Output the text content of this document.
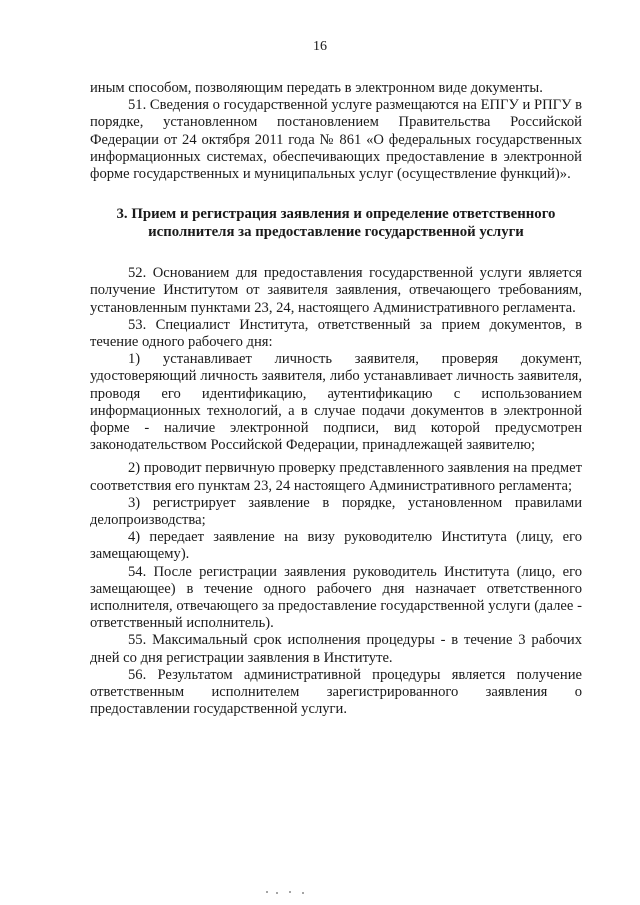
16

иным способом, позволяющим передать в электронном виде документы.

51. Сведения о государственной услуге размещаются на ЕПГУ и РПГУ в порядке, установленном постановлением Правительства Российской Федерации от 24 октября 2011 года № 861 «О федеральных государственных информационных системах, обеспечивающих предоставление в электронной форме государственных и муниципальных услуг (осуществление функций)».

3. Прием и регистрация заявления и определение ответственного исполнителя за предоставление государственной услуги

52. Основанием для предоставления государственной услуги является получение Институтом от заявителя заявления, отвечающего требованиям, установленным пунктами 23, 24, настоящего Административного регламента.

53. Специалист Института, ответственный за прием документов, в течение одного рабочего дня:

1) устанавливает личность заявителя, проверяя документ, удостоверяющий личность заявителя, либо устанавливает личность заявителя, проводя его идентификацию, аутентификацию с использованием информационных технологий, а в случае подачи документов в электронной форме - наличие электронной подписи, вид которой предусмотрен законодательством Российской Федерации, принадлежащей заявителю;

2) проводит первичную проверку представленного заявления на предмет соответствия его пунктам 23, 24 настоящего Административного регламента;

3) регистрирует заявление в порядке, установленном правилами делопроизводства;

4) передает заявление на визу руководителю Института (лицу, его замещающему).

54. После регистрации заявления руководитель Института (лицо, его замещающее) в течение одного рабочего дня назначает ответственного исполнителя, отвечающего за предоставление государственной услуги (далее - ответственный исполнитель).

55. Максимальный срок исполнения процедуры - в течение 3 рабочих дней со дня регистрации заявления в Институте.

56. Результатом административной процедуры является получение ответственным исполнителем зарегистрированного заявления о предоставлении государственной услуги.
